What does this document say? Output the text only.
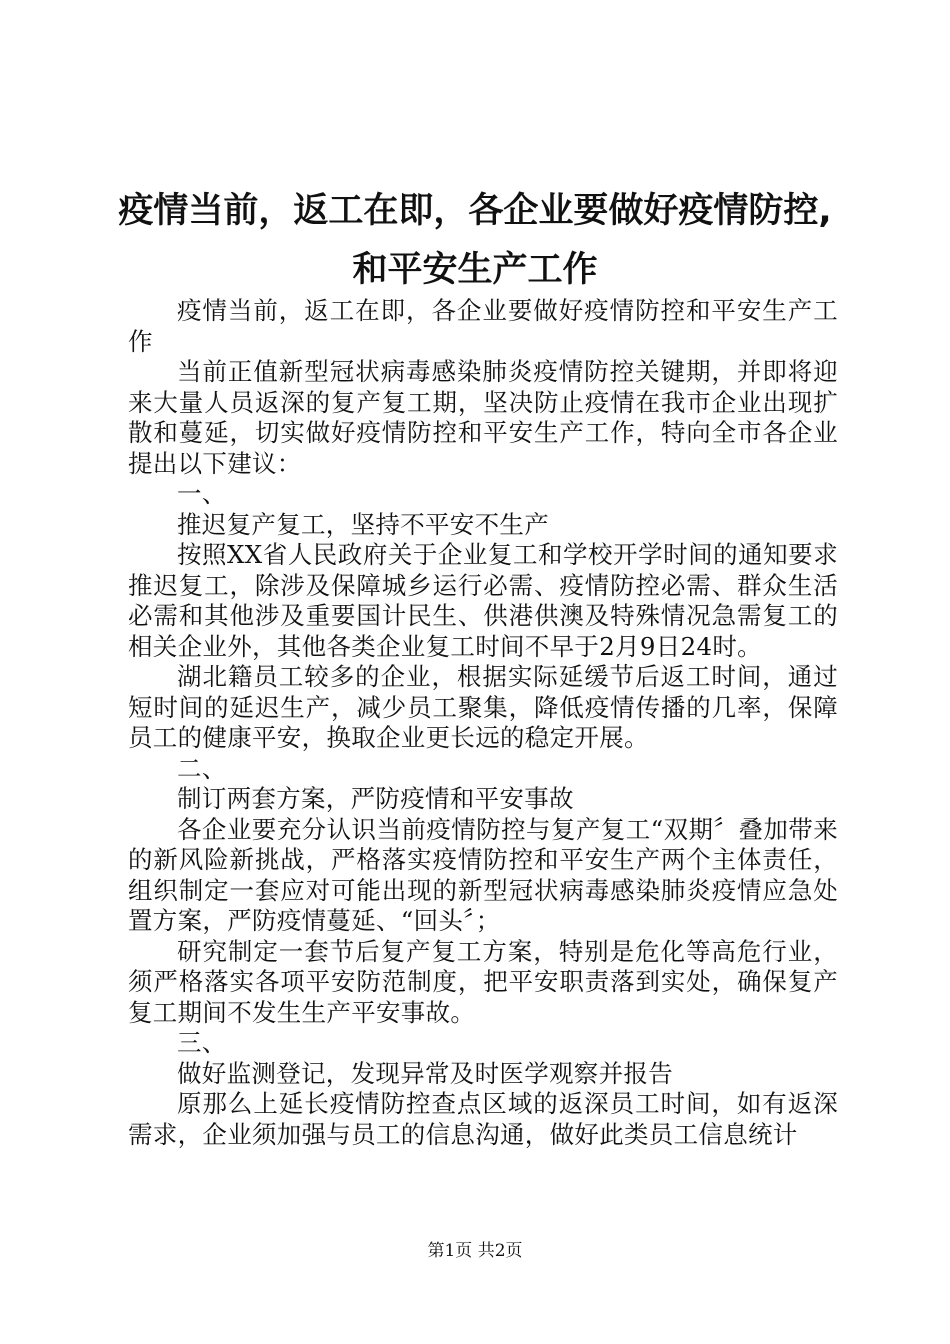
疫情当前，返工在即，各企业要做好疫情防控,
和平安生产工作

疫情当前，返工在即，各企业要做好疫情防控和平安生产工作

当前正值新型冠状病毒感染肺炎疫情防控关键期，并即将迎来大量人员返深的复产复工期，坚决防止疫情在我市企业出现扩散和蔓延，切实做好疫情防控和平安生产工作，特向全市各企业提出以下建议：

一、

推迟复产复工，坚持不平安不生产

按照XX省人民政府关于企业复工和学校开学时间的通知要求推迟复工，除涉及保障城乡运行必需、疫情防控必需、群众生活必需和其他涉及重要国计民生、供港供澳及特殊情况急需复工的相关企业外，其他各类企业复工时间不早于2月9日24时。

湖北籍员工较多的企业，根据实际延缓节后返工时间，通过短时间的延迟生产，减少员工聚集，降低疫情传播的几率，保障员工的健康平安，换取企业更长远的稳定开展。

二、

制订两套方案，严防疫情和平安事故

各企业要充分认识当前疫情防控与复产复工“双期〞叠加带来的新风险新挑战，严格落实疫情防控和平安生产两个主体责任，组织制定一套应对可能出现的新型冠状病毒感染肺炎疫情应急处置方案，严防疫情蔓延、“回头〞；

研究制定一套节后复产复工方案，特别是危化等高危行业，须严格落实各项平安防范制度，把平安职责落到实处，确保复产复工期间不发生生产平安事故。

三、

做好监测登记，发现异常及时医学观察并报告

原那么上延长疫情防控查点区域的返深员工时间，如有返深需求，企业须加强与员工的信息沟通，做好此类员工信息统计

第1页 共2页
